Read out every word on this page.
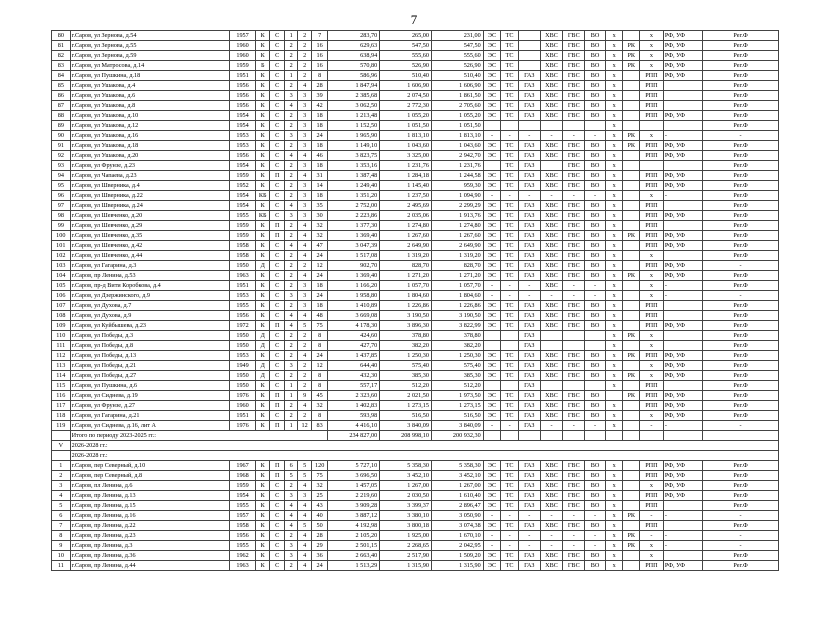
7
80	г.Саров, ул Зернова, д.54	1957	К	С	1	2	7	283,70	265,00	231,00	ЭС	ТС		ХВС	ГВС	ВО	х		х	РФ, УФ	Рег.Ф
81	г.Саров, ул Зернова, д.55	1960	К	С	2	2	16	629,63	547,50	547,50	ЭС	ТС		ХВС	ГВС	ВО	х	РК	х	РФ, УФ	Рег.Ф
82	г.Саров, ул Зернова, д.59	1960	К	С	2	2	16	638,94	555,60	555,60	ЭС	ТС		ХВС	ГВС	ВО	х	РК	х	РФ, УФ	Рег.Ф
83	г.Саров, ул Матросова, д.14	1959	Б	С	2	2	16	570,80	526,90	526,90	ЭС	ТС		ХВС	ГВС	ВО	х	РК	х	РФ, УФ	Рег.Ф
84	г.Саров, ул Пушкина, д.18	1951	К	С	1	2	8	586,96	510,40	510,40	ЭС	ТС	ГАЗ	ХВС	ГВС	ВО	х		РПП	РФ, УФ	Рег.Ф
85	г.Саров, ул Ушакова, д.4	1956	К	С	2	4	28	1 847,94	1 606,90	1 606,90	ЭС	ТС	ГАЗ	ХВС	ГВС	ВО	х		РПП		Рег.Ф
86	г.Саров, ул Ушакова, д.6	1956	К	С	3	3	39	2 385,68	2 074,50	1 861,50	ЭС	ТС	ГАЗ	ХВС	ГВС	ВО	х		РПП		Рег.Ф
87	г.Саров, ул Ушакова, д.8	1956	К	С	4	3	42	3 062,50	2 772,30	2 705,60	ЭС	ТС	ГАЗ	ХВС	ГВС	ВО	х		РПП		Рег.Ф
88	г.Саров, ул Ушакова, д.10	1954	К	С	2	3	18	1 213,48	1 055,20	1 055,20	ЭС	ТС	ГАЗ	ХВС	ГВС	ВО	х		РПП	РФ, УФ	Рег.Ф
89	г.Саров, ул Ушакова, д.12	1954	К	С	2	3	18	1 152,50	1 051,50	1 051,50							х				Рег.Ф
90	г.Саров, ул Ушакова, д.16	1953	К	С	3	3	24	1 965,90	1 813,10	1 813,10	-	-	-	-	-	-	х	РК	х	-	-
91	г.Саров, ул Ушакова, д.18	1953	К	С	2	3	18	1 149,10	1 043,60	1 043,60	ЭС	ТС	ГАЗ	ХВС	ГВС	ВО	х	РК	РПП	РФ, УФ	Рег.Ф
92	г.Саров, ул Ушакова, д.20	1956	К	С	4	4	46	3 823,75	3 325,00	2 942,70	ЭС	ТС	ГАЗ	ХВС	ГВС	ВО	х		РПП	РФ, УФ	Рег.Ф
93	г.Саров, ул Фрунзе, д.23	1954	К	С	2	3	18	1 353,16	1 231,76	1 231,76		ТС	ГАЗ		ГВС	ВО	х				Рег.Ф
94	г.Саров, ул Чапаева, д.23	1959	К	П	2	4	31	1 387,48	1 284,18	1 244,58	ЭС	ТС	ГАЗ	ХВС	ГВС	ВО	х		РПП	РФ, УФ	Рег.Ф
95	г.Саров, ул Шверника, д.4	1952	К	С	2	3	14	1 249,40	1 145,40	959,30	ЭС	ТС	ГАЗ	ХВС	ГВС	ВО	х		РПП	РФ, УФ	Рег.Ф
96	г.Саров, ул Шверника, д.22	1954	КБ	С	2	3	18	1 351,20	1 237,50	1 094,90	-	-	-	-	-	-	х		х	-	Рег.Ф
97	г.Саров, ул Шверника, д.24	1954	К	С	4	3	35	2 752,00	2 495,69	2 299,29	ЭС	ТС	ГАЗ	ХВС	ГВС	ВО	х		РПП		Рег.Ф
98	г.Саров, ул Шевченко, д.20	1955	КБ	С	3	3	30	2 223,86	2 035,06	1 913,76	ЭС	ТС	ГАЗ	ХВС	ГВС	ВО	х		РПП	РФ, УФ	Рег.Ф
99	г.Саров, ул Шевченко, д.29	1959	К	П	2	4	32	1 377,30	1 274,80	1 274,80	ЭС	ТС	ГАЗ	ХВС	ГВС	ВО	х		РПП		Рег.Ф
100	г.Саров, ул Шевченко, д.35	1959	К	П	2	4	32	1 369,40	1 267,60	1 267,60	ЭС	ТС	ГАЗ	ХВС	ГВС	ВО	х	РК	РПП	РФ, УФ	Рег.Ф
101	г.Саров, ул Шевченко, д.42	1958	К	С	4	4	47	3 047,39	2 649,90	2 649,90	ЭС	ТС	ГАЗ	ХВС	ГВС	ВО	х		РПП	РФ, УФ	Рег.Ф
102	г.Саров, ул Шевченко, д.44	1958	К	С	2	4	24	1 517,08	1 319,20	1 319,20	ЭС	ТС	ГАЗ	ХВС	ГВС	ВО	х		х		Рег.Ф
103	г.Саров, ул Гагарина, д.3	1950	Д	С	2	2	12	902,70	828,70	828,70	ЭС	ТС	ГАЗ	ХВС	ГВС	ВО	х		РПП	РФ, УФ	-
104	г.Саров, пр Ленина, д.53	1963	К	С	2	4	24	1 369,40	1 271,20	1 271,20	ЭС	ТС	ГАЗ	ХВС	ГВС	ВО	х	РК	х	РФ, УФ	Рег.Ф
105	г.Саров, пр-д Вити Коробкова, д.4	1951	К	С	2	3	18	1 166,20	1 057,70	1 057,70	-	-	-	ХВС	-	-	х		х	-	Рег.Ф
106	г.Саров, ул Дзержинского, д.9	1953	К	С	3	3	24	1 958,80	1 804,60	1 804,60	-	-	-	-	-	-	х		х	-	-
107	г.Саров, ул Духова, д.7	1955	К	С	2	3	18	1 410,89	1 226,86	1 226,86	ЭС	ТС	ГАЗ	ХВС	ГВС	ВО	х		РПП		Рег.Ф
108	г.Саров, ул Духова, д.9	1956	К	С	4	4	48	3 669,08	3 190,50	3 190,50	ЭС	ТС	ГАЗ	ХВС	ГВС	ВО	х		РПП		Рег.Ф
109	г.Саров, ул Куйбышева, д.23	1972	К	П	4	5	75	4 178,30	3 896,30	3 822,99	ЭС	ТС	ГАЗ	ХВС	ГВС	ВО	х		РПП	РФ, УФ	Рег.Ф
110	г.Саров, ул Победы, д.3	1950	Д	С	2	2	8	424,60	378,80	378,80			ГАЗ				х	РК	х		Рег.Ф
111	г.Саров, ул Победы, д.8	1950	Д	С	2	2	8	427,70	382,20	382,20			ГАЗ				х		х		Рег.Ф
112	г.Саров, ул Победы, д.13	1953	К	С	2	4	24	1 437,85	1 250,30	1 250,30	ЭС	ТС	ГАЗ	ХВС	ГВС	ВО	х	РК	РПП	РФ, УФ	Рег.Ф
113	г.Саров, ул Победы, д.21	1949	Д	С	3	2	12	644,40	575,40	575,40	ЭС	ТС	ГАЗ	ХВС	ГВС	ВО	х		х	РФ, УФ	Рег.Ф
114	г.Саров, ул Победы, д.27	1950	Д	С	2	2	8	432,30	385,30	385,30	ЭС	ТС	ГАЗ	ХВС	ГВС	ВО	х	РК	х	РФ, УФ	Рег.Ф
115	г.Саров, ул Пушкина, д.6	1950	К	С	1	2	8	557,17	512,20	512,20			ГАЗ				х		РПП		Рег.Ф
116	г.Саров, ул Сиднева, д.19	1976	К	П	1	9	45	2 323,60	2 021,50	1 973,50	ЭС	ТС	ГАЗ	ХВС	ГВС	ВО		РК	РПП	РФ, УФ	Рег.Ф
117	г.Саров, ул Фрунзе, д.27	1960	К	П	2	4	32	1 402,83	1 273,15	1 273,15	ЭС	ТС	ГАЗ	ХВС	ГВС	ВО	х		РПП	РФ, УФ	Рег.Ф
118	г.Саров, ул Гагарина, д.21	1951	К	С	2	2	8	593,98	516,50	516,50	ЭС	ТС	ГАЗ	ХВС	ГВС	ВО	х		х	РФ, УФ	Рег.Ф
119	г.Саров, ул Сиднева, д.16, лит А	1976	К	П	1	12	83	4 416,10	3 840,09	3 840,09	-	-	ГАЗ	-	-	-	х		-	-	-
	Итого по периоду 2023-2025 гг.:							234 827,00	208 998,10	200 932,30											
V	2026-2028 гг.:																				
	2026-2028 гг.:																				
1	г.Саров, пер Северный, д.10	1967	К	П	6	5	120	5 727,10	5 358,30	5 358,30	ЭС	ТС	ГАЗ	ХВС	ГВС	ВО	х		РПП	РФ, УФ	Рег.Ф
2	г.Саров, пер Северный, д.8	1968	К	П	5	5	75	3 696,50	3 452,10	3 452,10	ЭС	ТС	ГАЗ	ХВС	ГВС	ВО	х		РПП	РФ, УФ	Рег.Ф
3	г.Саров, пл Ленина, д.6	1959	К	С	2	4	32	1 457,05	1 267,00	1 267,00	ЭС	ТС	ГАЗ	ХВС	ГВС	ВО	х		х	РФ, УФ	Рег.Ф
4	г.Саров, пр Ленина, д.13	1954	К	С	3	3	25	2 219,60	2 030,50	1 610,40	ЭС	ТС	ГАЗ	ХВС	ГВС	ВО	х		РПП	РФ, УФ	Рег.Ф
5	г.Саров, пр Ленина, д.15	1955	К	С	4	4	43	3 909,28	3 399,37	2 896,47	ЭС	ТС	ГАЗ	ХВС	ГВС	ВО	х		РПП		Рег.Ф
6	г.Саров, пр Ленина, д.16	1957	К	С	4	4	40	3 887,12	3 380,10	3 050,90	-	-	-	-	-	-	х	РК	-	-	-
7	г.Саров, пр Ленина, д.22	1958	К	С	4	5	50	4 192,98	3 800,18	3 074,38	ЭС	ТС	ГАЗ	ХВС	ГВС	ВО	х		РПП		Рег.Ф
8	г.Саров, пр Ленина, д.23	1956	К	С	2	4	28	2 105,20	1 925,00	1 670,10	-	-	-	-	-	-	х	РК	-	-	-
9	г.Саров, пр Ленина, д.3	1955	К	С	3	4	29	2 501,15	2 268,65	2 042,95	-	-	-	-	-	-	х	РК	х	-	-
10	г.Саров, пр Ленина, д.36	1962	К	С	3	4	36	2 663,40	2 517,90	1 509,20	ЭС	ТС	ГАЗ	ХВС	ГВС	ВО	х		х		Рег.Ф
11	г.Саров, пр Ленина, д.44	1963	К	С	2	4	24	1 513,29	1 315,90	1 315,90	ЭС	ТС	ГАЗ	ХВС	ГВС	ВО	х		РПП	РФ, УФ	Рег.Ф
